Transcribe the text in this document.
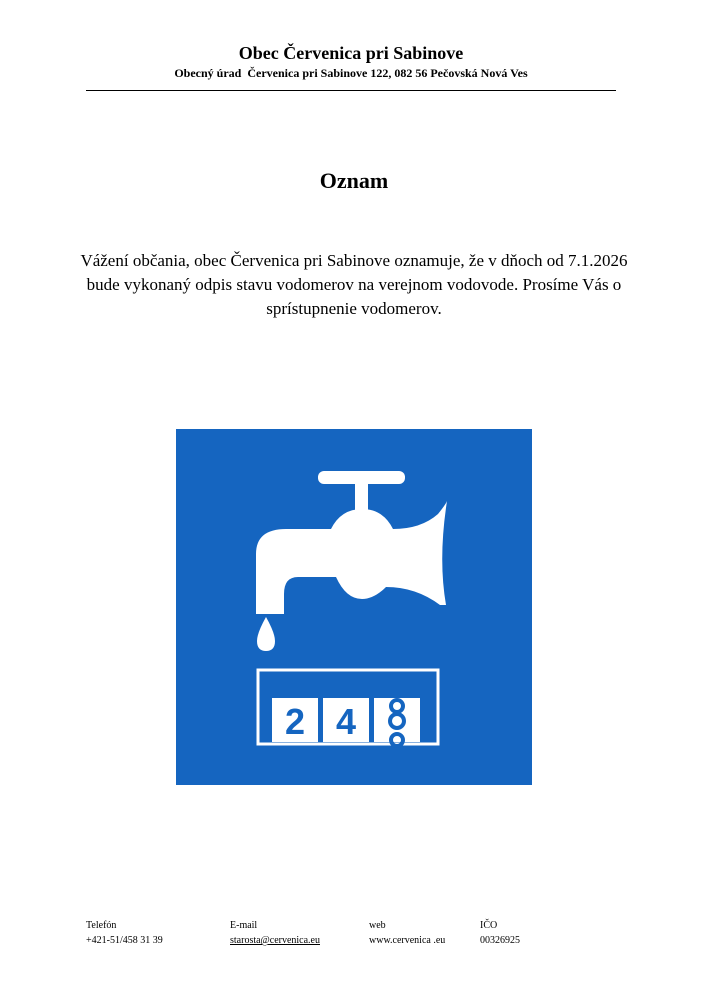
Obec Červenica pri Sabinove
Obecný úrad  Červenica pri Sabinove 122, 082 56 Pečovská Nová Ves
Oznam
Vážení občania, obec Červenica pri Sabinove oznamuje, že v dňoch od 7.1.2026 bude vykonaný odpis stavu vodomerov na verejnom vodovode. Prosíme Vás o sprístupnenie vodomerov.
2 4
Telefón
+421-51/458 31 39
E-mail
starosta@cervenica.eu
web
www.cervenica .eu
IČO
00326925
